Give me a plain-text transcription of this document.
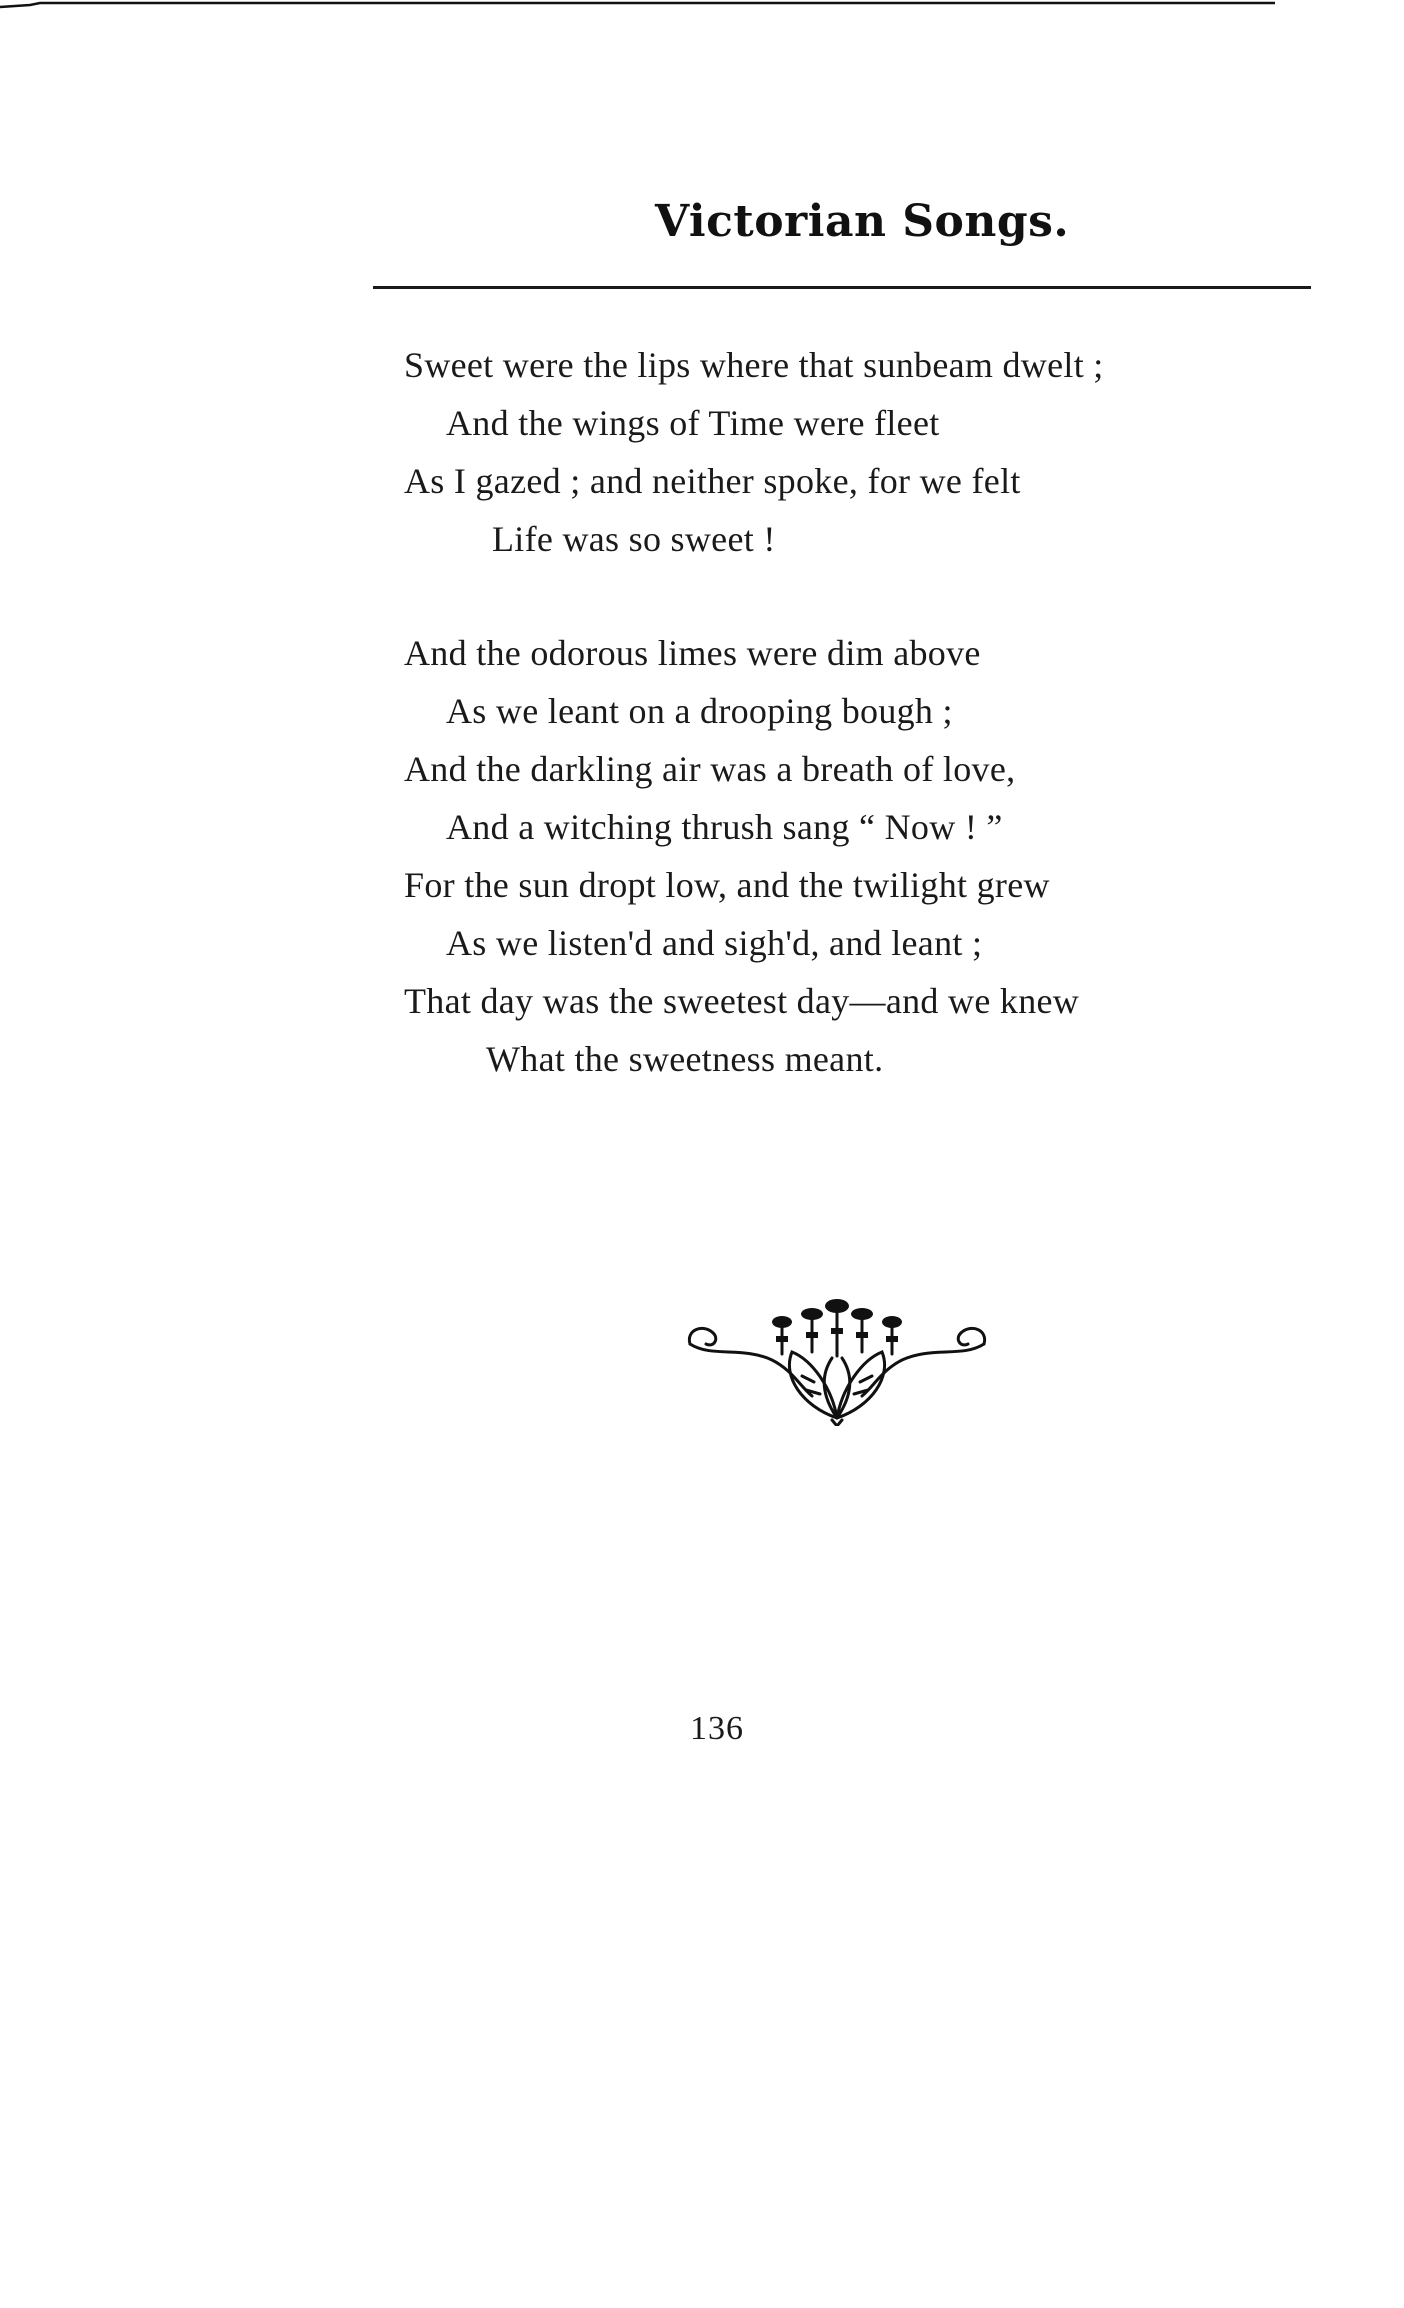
Victorian Songs.
Sweet were the lips where that sunbeam dwelt ;
And the wings of Time were fleet
As I gazed ; and neither spoke, for we felt
Life was so sweet !
And the odorous limes were dim above
As we leant on a drooping bough ;
And the darkling air was a breath of love,
And a witching thrush sang “ Now ! ”
For the sun dropt low, and the twilight grew
As we listen'd and sigh'd, and leant ;
That day was the sweetest day—and we knew
What the sweetness meant.
136
